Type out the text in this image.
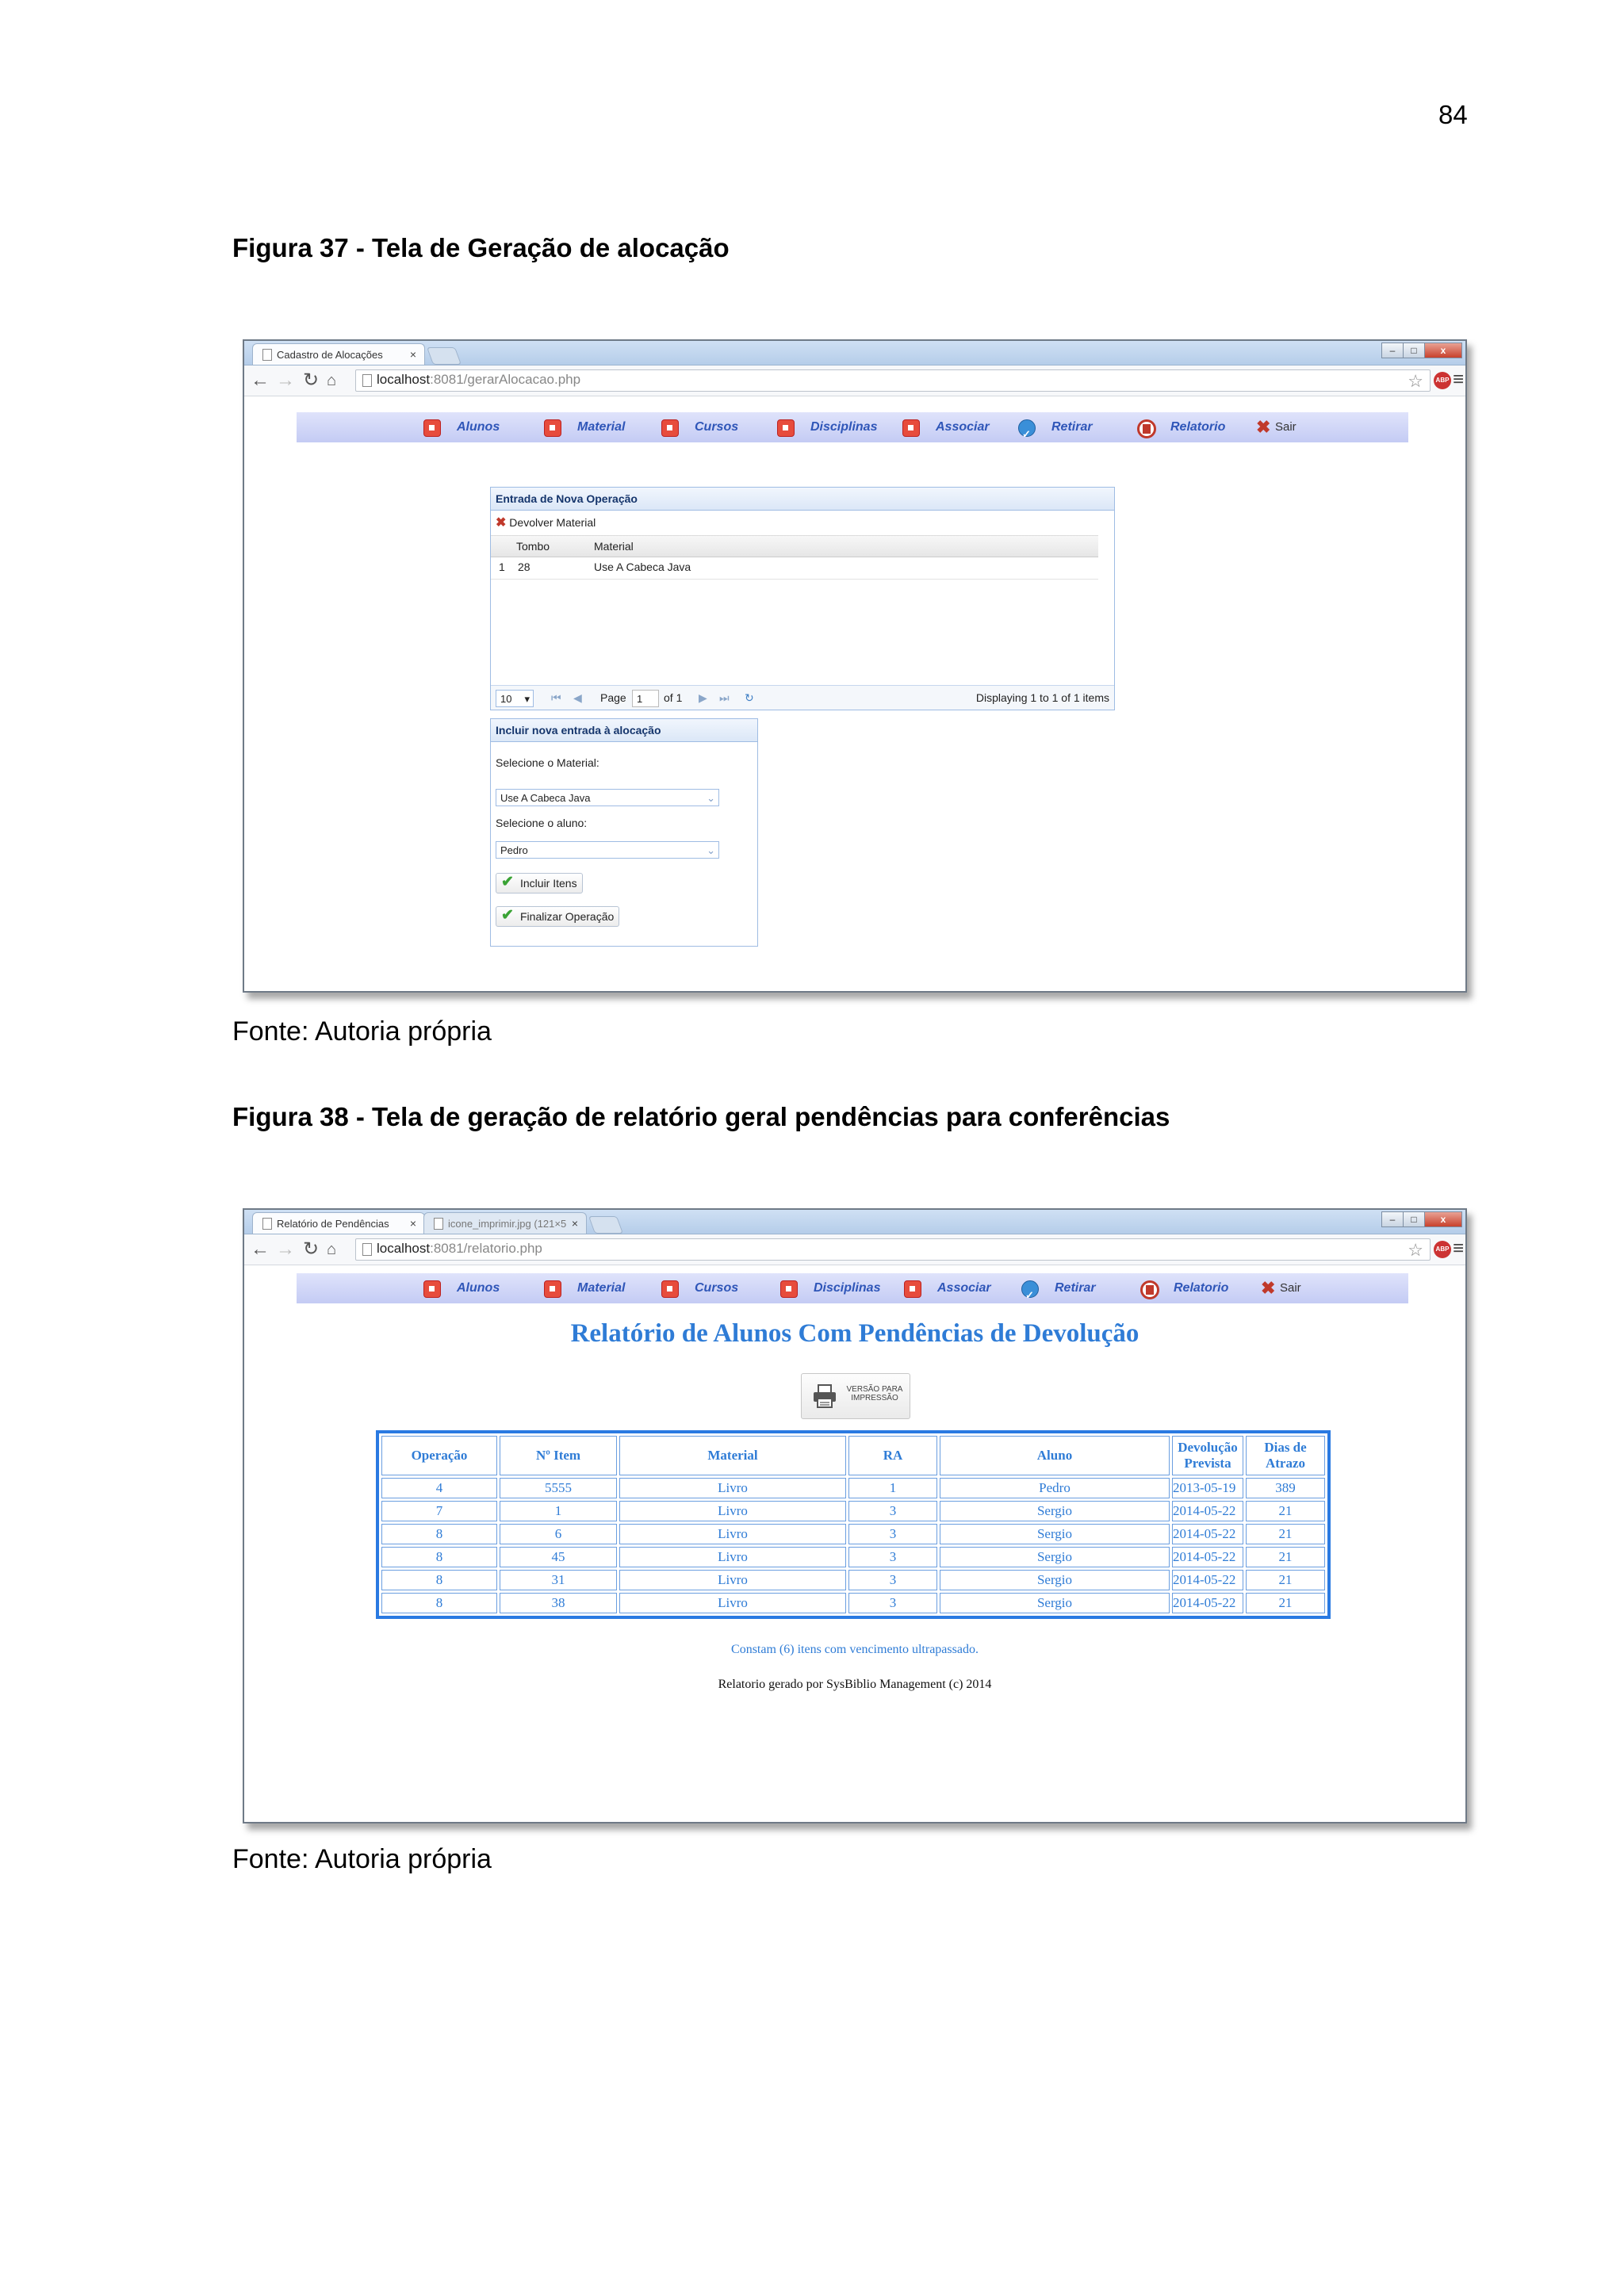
84
Figura 37 - Tela de Geração de alocação
Cadastro de Alocações ×	–	□	x
← → ↻ ⌂	localhost:8081/gerarAlocacao.php	☆	ABP ≡
Alunos	Material	Cursos	Disciplinas	Associar ✓	Retirar	Relatorio ✖ Sair
Entrada de Nova Operação
✖ Devolver Material
Tombo	Material
1 28	Use A Cabeca Java
10 ▾ ⏮ ◀ Page	1	of 1 ▶ ⏭ ↻	Displaying 1 to 1 of 1 items
Incluir nova entrada à alocação
Selecione o Material:
Use A Cabeca Java	⌄
Selecione o aluno:
Pedro	⌄
✔ Incluir Itens
✔ Finalizar Operação
Fonte: Autoria própria
Figura 38 - Tela de geração de relatório geral pendências para conferências
Relatório de Pendências ×	icone_imprimir.jpg (121×5 ×	–	□	x
← → ↻ ⌂	localhost:8081/relatorio.php	☆	ABP ≡
Alunos	Material	Cursos	Disciplinas	Associar ✓	Retirar	Relatorio ✖ Sair
Relatório de Alunos Com Pendências de Devolução
VERSÃO PARA
IMPRESSÃO
Operação	Nº Item	Material	RA	Aluno	Devolução Prevista	Dias de Atrazo
4	5555	Livro	1	Pedro	2013-05-19	389
7	1	Livro	3	Sergio	2014-05-22	21
8	6	Livro	3	Sergio	2014-05-22	21
8	45	Livro	3	Sergio	2014-05-22	21
8	31	Livro	3	Sergio	2014-05-22	21
8	38	Livro	3	Sergio	2014-05-22	21
Constam (6) itens com vencimento ultrapassado.
Relatorio gerado por SysBiblio Management (c) 2014
Fonte: Autoria própria
